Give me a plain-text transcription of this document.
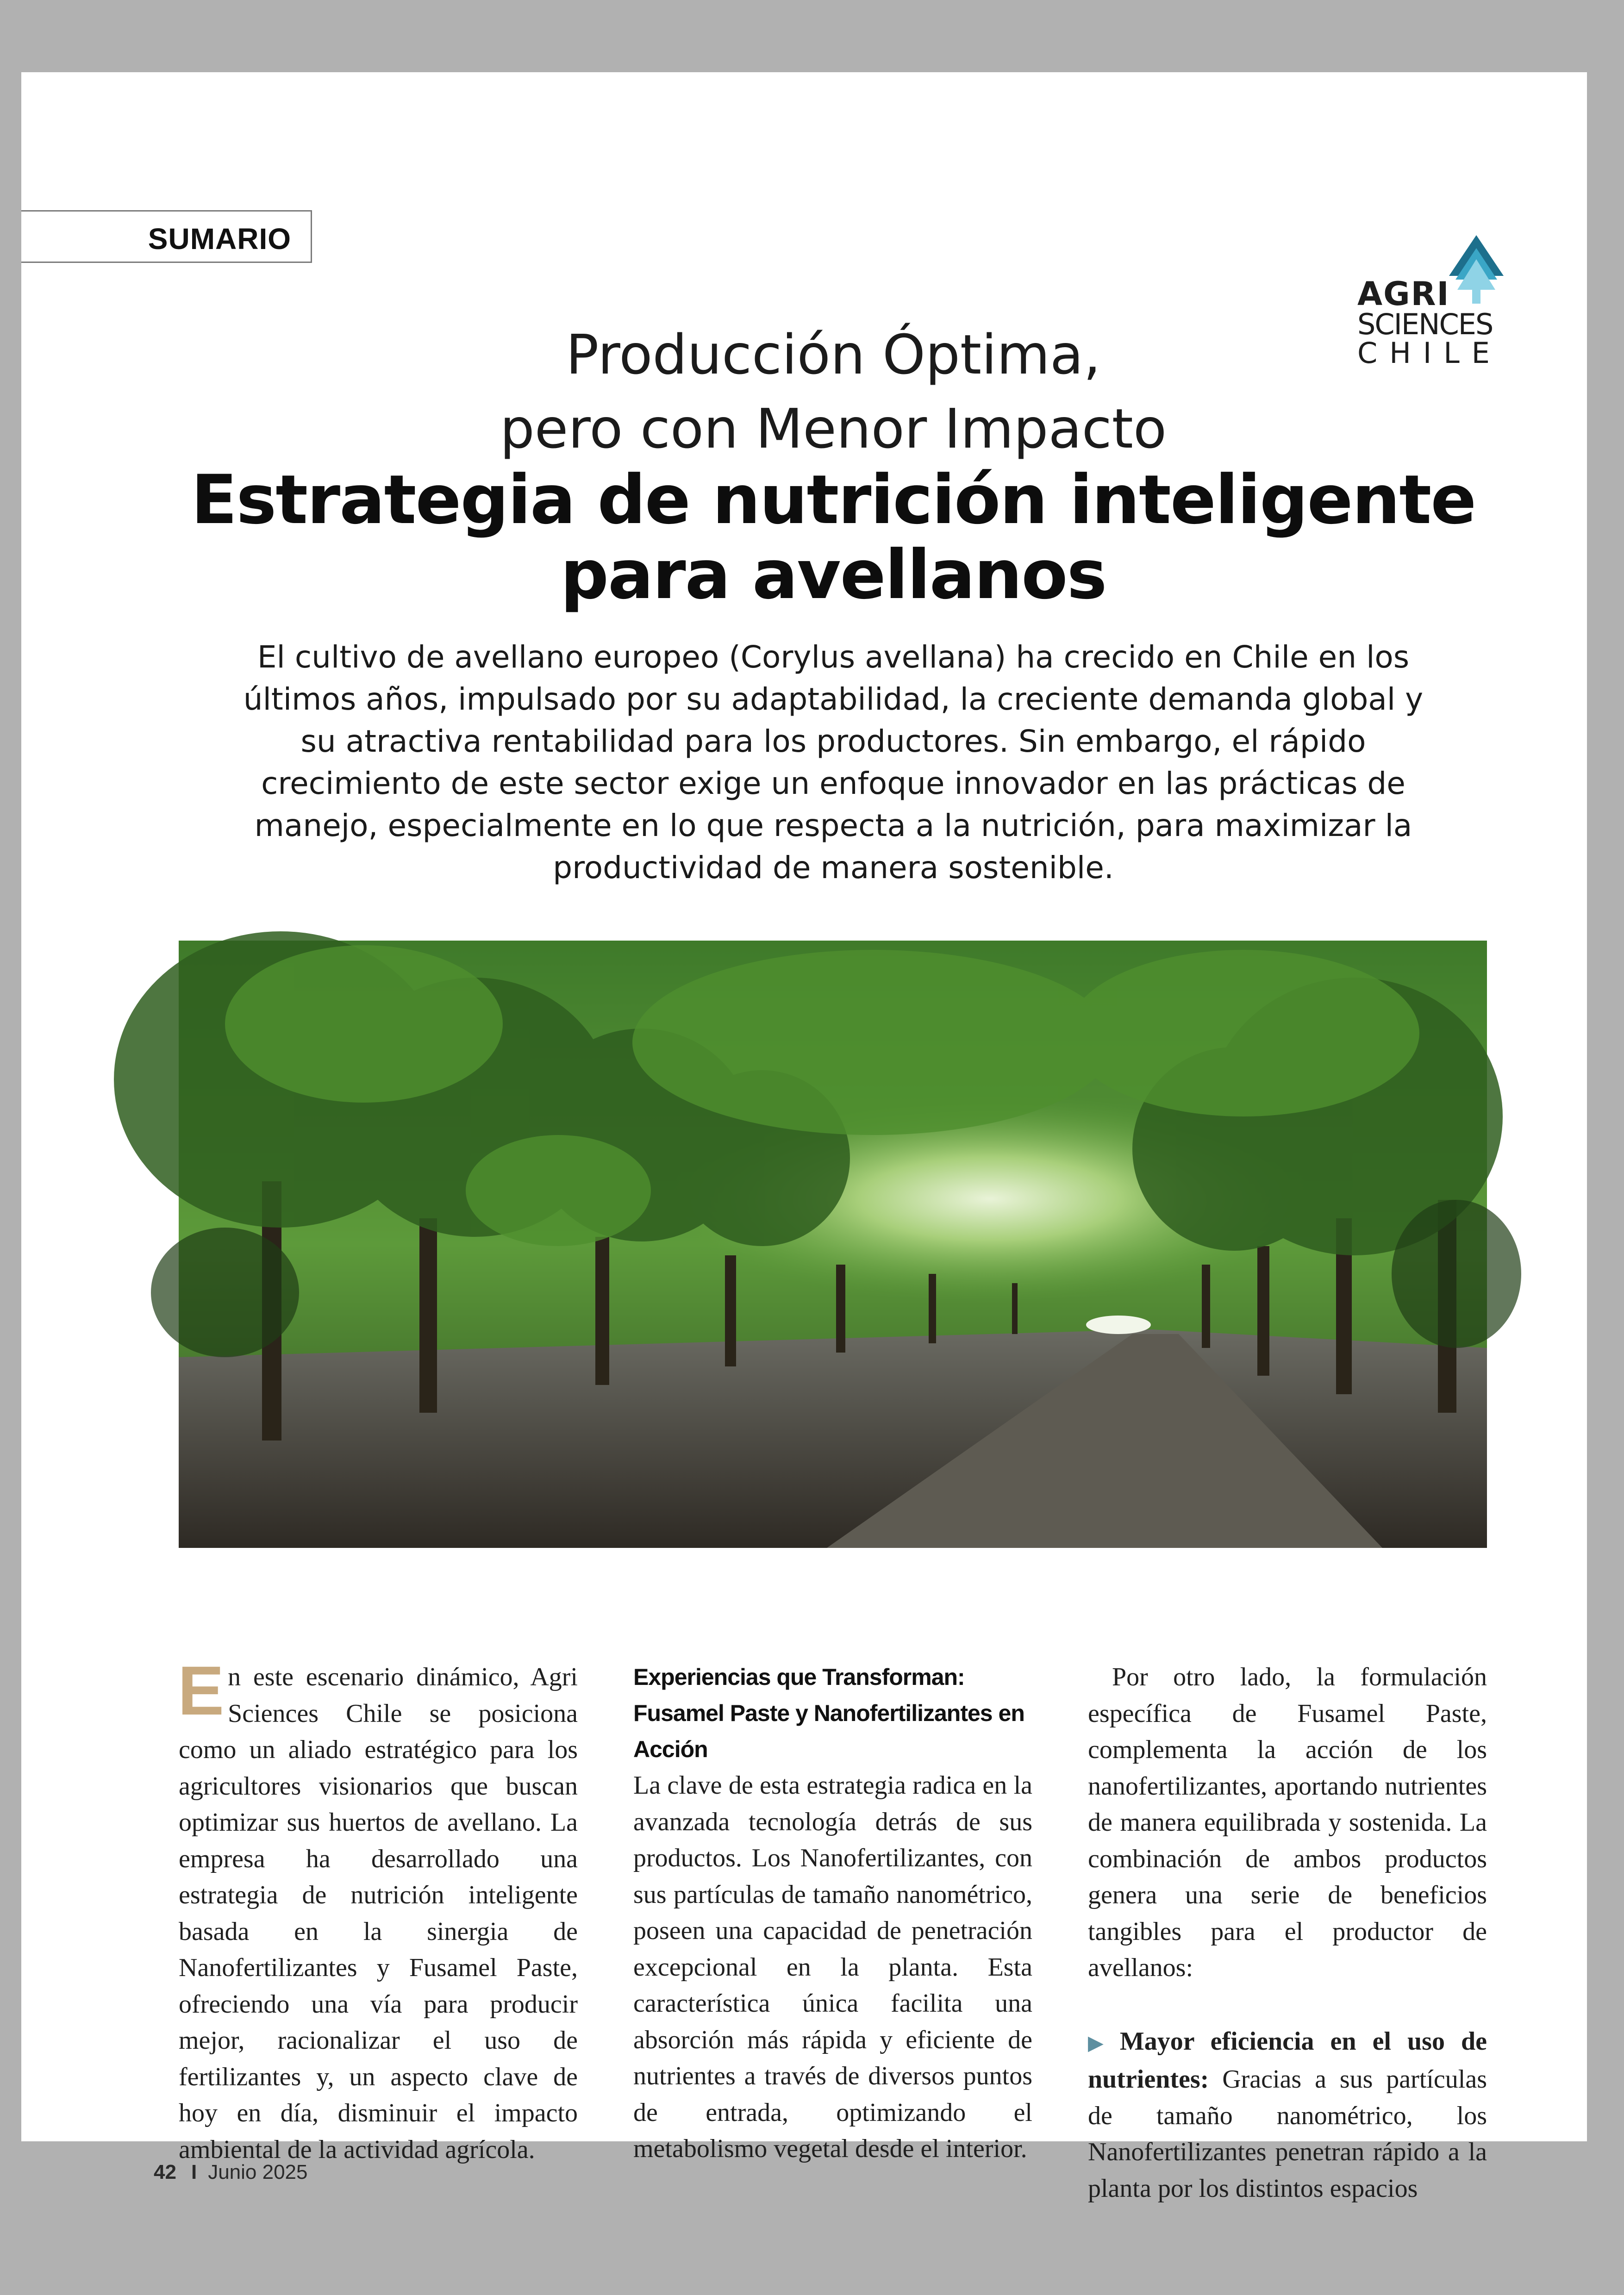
SUMARIO
AGRI
SCIENCES
CHILE
Producción Óptima,
pero con Menor Impacto
Estrategia de nutrición inteligente
para avellanos
El cultivo de avellano europeo (Corylus avellana) ha crecido en Chile en los últimos años, impulsado por su adaptabilidad, la creciente demanda global y su atractiva rentabilidad para los productores. Sin embargo, el rápido crecimiento de este sector exige un enfoque innovador en las prácticas de manejo, especialmente en lo que respecta a la nutrición, para maximizar la productividad de manera sostenible.

En este escenario dinámico, Agri Sciences Chile se posiciona como un aliado estratégico para los agricultores visionarios que buscan optimizar sus huertos de avellano. La empresa ha desarrollado una estrategia de nutrición inteligente basada en la sinergia de Nanofertilizantes y Fusamel Paste, ofreciendo una vía para producir mejor, racionalizar el uso de fertilizantes y, un aspecto clave de hoy en día, disminuir el impacto ambiental de la actividad agrícola.

Experiencias que Transforman: Fusamel Paste y Nanofertilizantes en Acción

La clave de esta estrategia radica en la avanzada tecnología detrás de sus productos. Los Nanofertilizantes, con sus partículas de tamaño nanométrico, poseen una capacidad de penetración excepcional en la planta. Esta característica única facilita una absorción más rápida y eficiente de nutrientes a través de diversos puntos de entrada, optimizando el metabolismo vegetal desde el interior.

Por otro lado, la formulación específica de Fusamel Paste, complementa la acción de los nanofertilizantes, aportando nutrientes de manera equilibrada y sostenida. La combinación de ambos productos genera una serie de beneficios tangibles para el productor de avellanos:

▶ Mayor eficiencia en el uso de nutrientes: Gracias a sus partículas de tamaño nanométrico, los Nanofertilizantes penetran rápido a la planta por los distintos espacios

42 I Junio 2025
